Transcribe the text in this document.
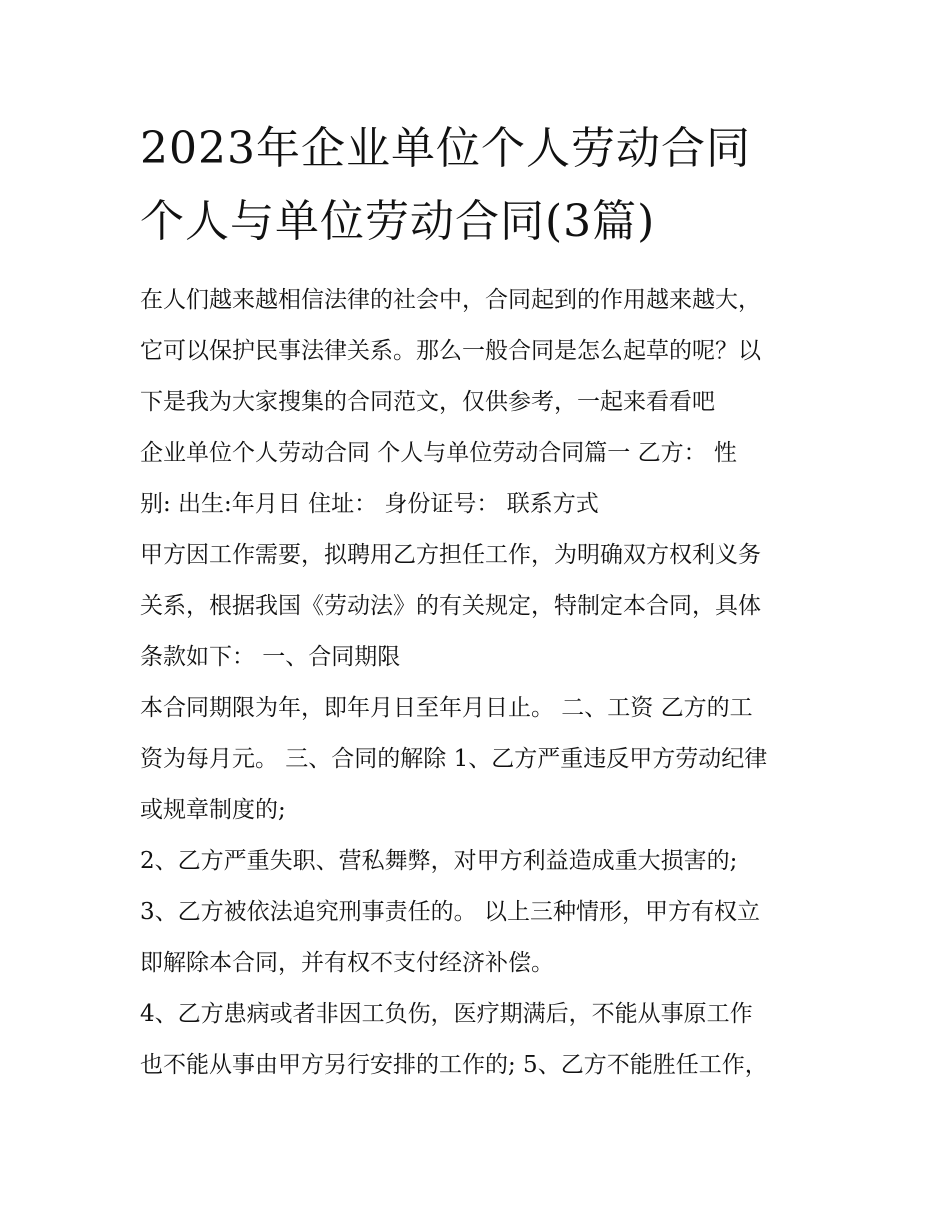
2023年企业单位个人劳动合同
个人与单位劳动合同(3篇)
在人们越来越相信法律的社会中，合同起到的作用越来越大，
它可以保护民事法律关系。那么一般合同是怎么起草的呢？以
下是我为大家搜集的合同范文，仅供参考，一起来看看吧
企业单位个人劳动合同 个人与单位劳动合同篇一 乙方： 性
别: 出生:年月日 住址： 身份证号： 联系方式
甲方因工作需要，拟聘用乙方担任工作，为明确双方权利义务
关系，根据我国《劳动法》的有关规定，特制定本合同，具体
条款如下： 一、合同期限
本合同期限为年，即年月日至年月日止。 二、工资 乙方的工
资为每月元。 三、合同的解除 1、乙方严重违反甲方劳动纪律
或规章制度的;
2、乙方严重失职、营私舞弊，对甲方利益造成重大损害的;
3、乙方被依法追究刑事责任的。 以上三种情形，甲方有权立
即解除本合同，并有权不支付经济补偿。
4、乙方患病或者非因工负伤，医疗期满后，不能从事原工作
也不能从事由甲方另行安排的工作的; 5、乙方不能胜任工作，
